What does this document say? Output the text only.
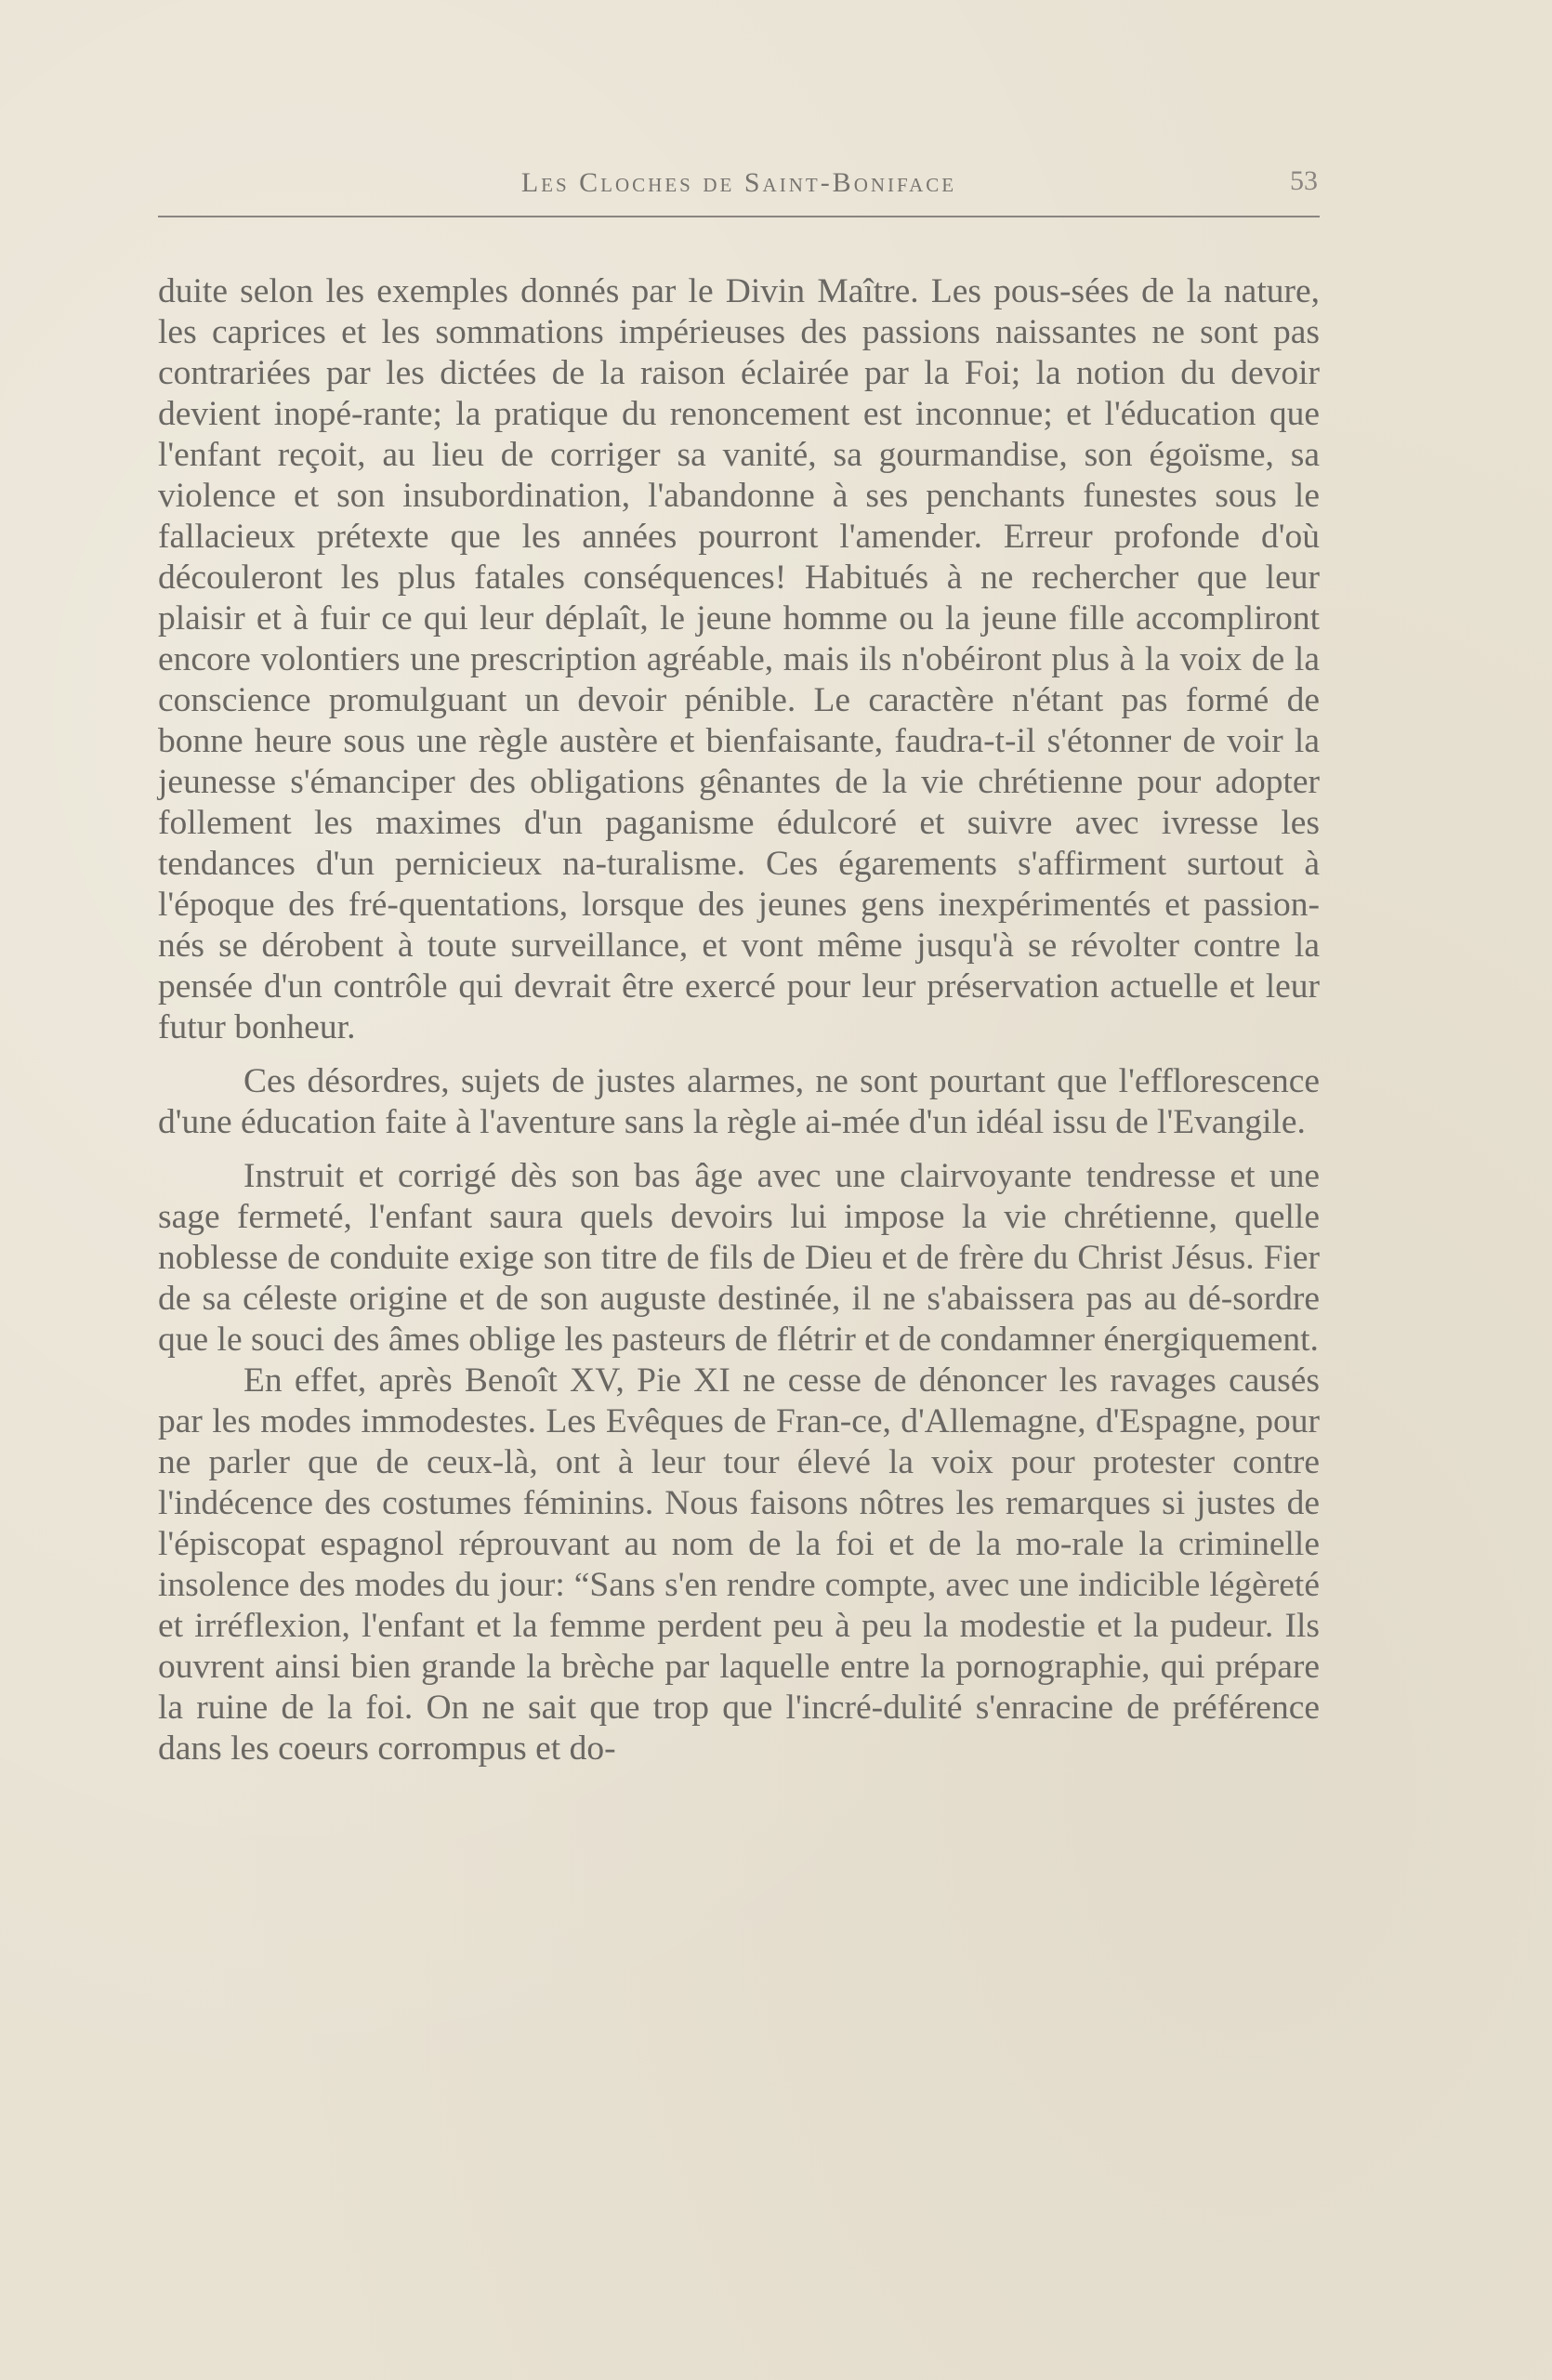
Les Cloches de Saint-Boniface	53

duite selon les exemples donnés par le Divin Maître. Les pous-sées de la nature, les caprices et les sommations impérieuses des passions naissantes ne sont pas contrariées par les dictées de la raison éclairée par la Foi; la notion du devoir devient inopé-rante; la pratique du renoncement est inconnue; et l'éducation que l'enfant reçoit, au lieu de corriger sa vanité, sa gourmandise, son égoïsme, sa violence et son insubordination, l'abandonne à ses penchants funestes sous le fallacieux prétexte que les années pourront l'amender. Erreur profonde d'où découleront les plus fatales conséquences! Habitués à ne rechercher que leur plaisir et à fuir ce qui leur déplaît, le jeune homme ou la jeune fille accompliront encore volontiers une prescription agréable, mais ils n'obéiront plus à la voix de la conscience promulguant un devoir pénible. Le caractère n'étant pas formé de bonne heure sous une règle austère et bienfaisante, faudra-t-il s'étonner de voir la jeunesse s'émanciper des obligations gênantes de la vie chrétienne pour adopter follement les maximes d'un paganisme édulcoré et suivre avec ivresse les tendances d'un pernicieux na-turalisme. Ces égarements s'affirment surtout à l'époque des fré-quentations, lorsque des jeunes gens inexpérimentés et passion-nés se dérobent à toute surveillance, et vont même jusqu'à se révolter contre la pensée d'un contrôle qui devrait être exercé pour leur préservation actuelle et leur futur bonheur.

Ces désordres, sujets de justes alarmes, ne sont pourtant que l'efflorescence d'une éducation faite à l'aventure sans la règle ai-mée d'un idéal issu de l'Evangile.

Instruit et corrigé dès son bas âge avec une clairvoyante tendresse et une sage fermeté, l'enfant saura quels devoirs lui impose la vie chrétienne, quelle noblesse de conduite exige son titre de fils de Dieu et de frère du Christ Jésus. Fier de sa céleste origine et de son auguste destinée, il ne s'abaissera pas au dé-sordre que le souci des âmes oblige les pasteurs de flétrir et de condamner énergiquement.

En effet, après Benoît XV, Pie XI ne cesse de dénoncer les ravages causés par les modes immodestes. Les Evêques de Fran-ce, d'Allemagne, d'Espagne, pour ne parler que de ceux-là, ont à leur tour élevé la voix pour protester contre l'indécence des costumes féminins. Nous faisons nôtres les remarques si justes de l'épiscopat espagnol réprouvant au nom de la foi et de la mo-rale la criminelle insolence des modes du jour: “Sans s'en rendre compte, avec une indicible légèreté et irréflexion, l'enfant et la femme perdent peu à peu la modestie et la pudeur. Ils ouvrent ainsi bien grande la brèche par laquelle entre la pornographie, qui prépare la ruine de la foi. On ne sait que trop que l'incré-dulité s'enracine de préférence dans les coeurs corrompus et do-
